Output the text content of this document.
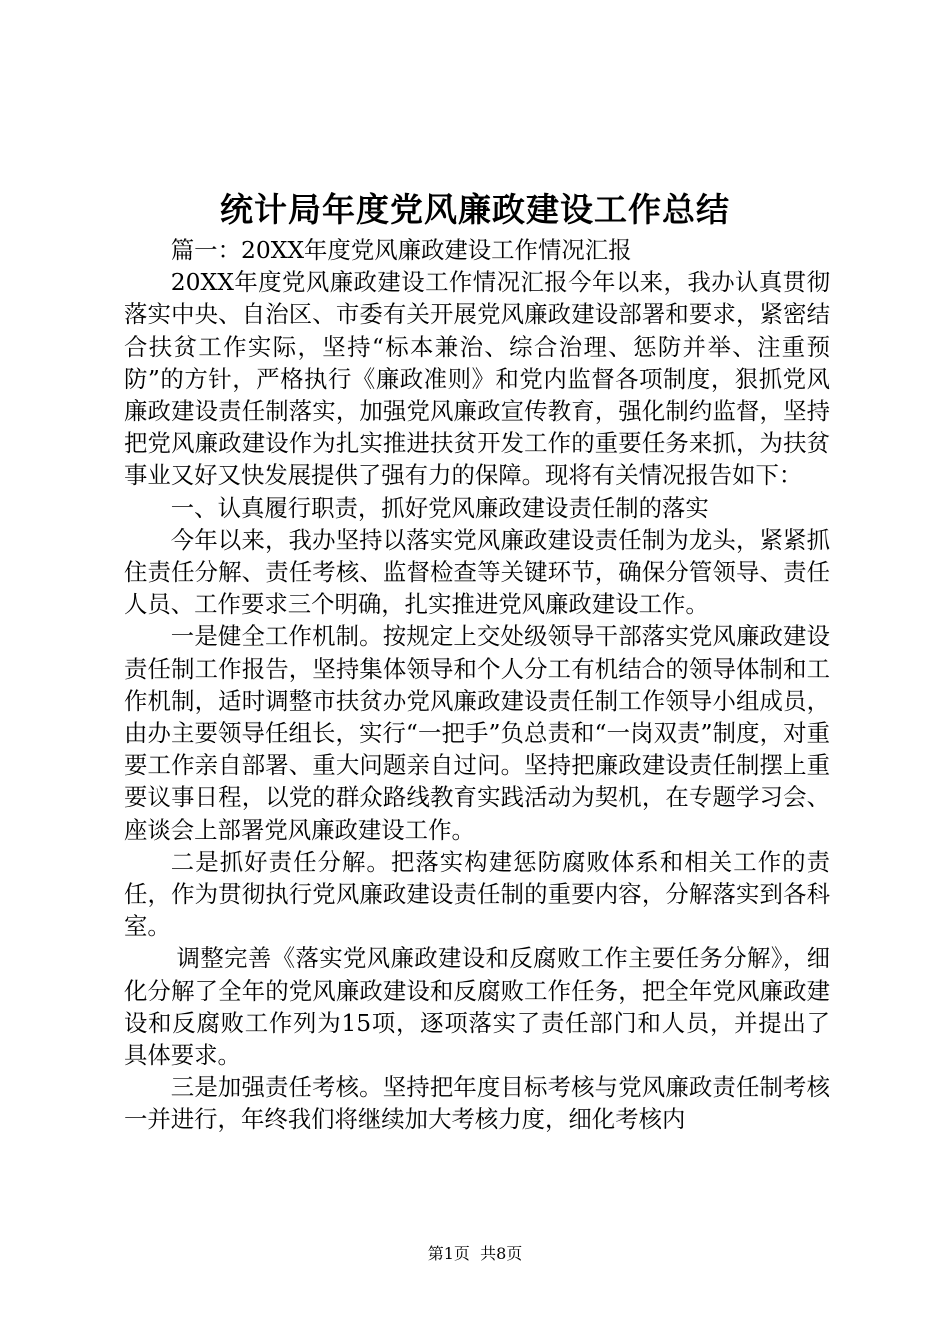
统计局年度党风廉政建设工作总结

篇一：20XX年度党风廉政建设工作情况汇报

20XX年度党风廉政建设工作情况汇报今年以来，我办认真贯彻落实中央、自治区、市委有关开展党风廉政建设部署和要求，紧密结合扶贫工作实际，坚持“标本兼治、综合治理、惩防并举、注重预防”的方针，严格执行《廉政准则》和党内监督各项制度，狠抓党风廉政建设责任制落实，加强党风廉政宣传教育，强化制约监督，坚持把党风廉政建设作为扎实推进扶贫开发工作的重要任务来抓，为扶贫事业又好又快发展提供了强有力的保障。现将有关情况报告如下：

一、认真履行职责，抓好党风廉政建设责任制的落实

今年以来，我办坚持以落实党风廉政建设责任制为龙头，紧紧抓住责任分解、责任考核、监督检查等关键环节，确保分管领导、责任人员、工作要求三个明确，扎实推进党风廉政建设工作。

一是健全工作机制。按规定上交处级领导干部落实党风廉政建设责任制工作报告，坚持集体领导和个人分工有机结合的领导体制和工作机制，适时调整市扶贫办党风廉政建设责任制工作领导小组成员，由办主要领导任组长，实行“一把手”负总责和“一岗双责”制度，对重要工作亲自部署、重大问题亲自过问。坚持把廉政建设责任制摆上重要议事日程，以党的群众路线教育实践活动为契机，在专题学习会、座谈会上部署党风廉政建设工作。

二是抓好责任分解。把落实构建惩防腐败体系和相关工作的责任，作为贯彻执行党风廉政建设责任制的重要内容，分解落实到各科室。

调整完善《落实党风廉政建设和反腐败工作主要任务分解》，细化分解了全年的党风廉政建设和反腐败工作任务，把全年党风廉政建设和反腐败工作列为15项，逐项落实了责任部门和人员，并提出了具体要求。

三是加强责任考核。坚持把年度目标考核与党风廉政责任制考核一并进行，年终我们将继续加大考核力度，细化考核内

第1页 共8页
